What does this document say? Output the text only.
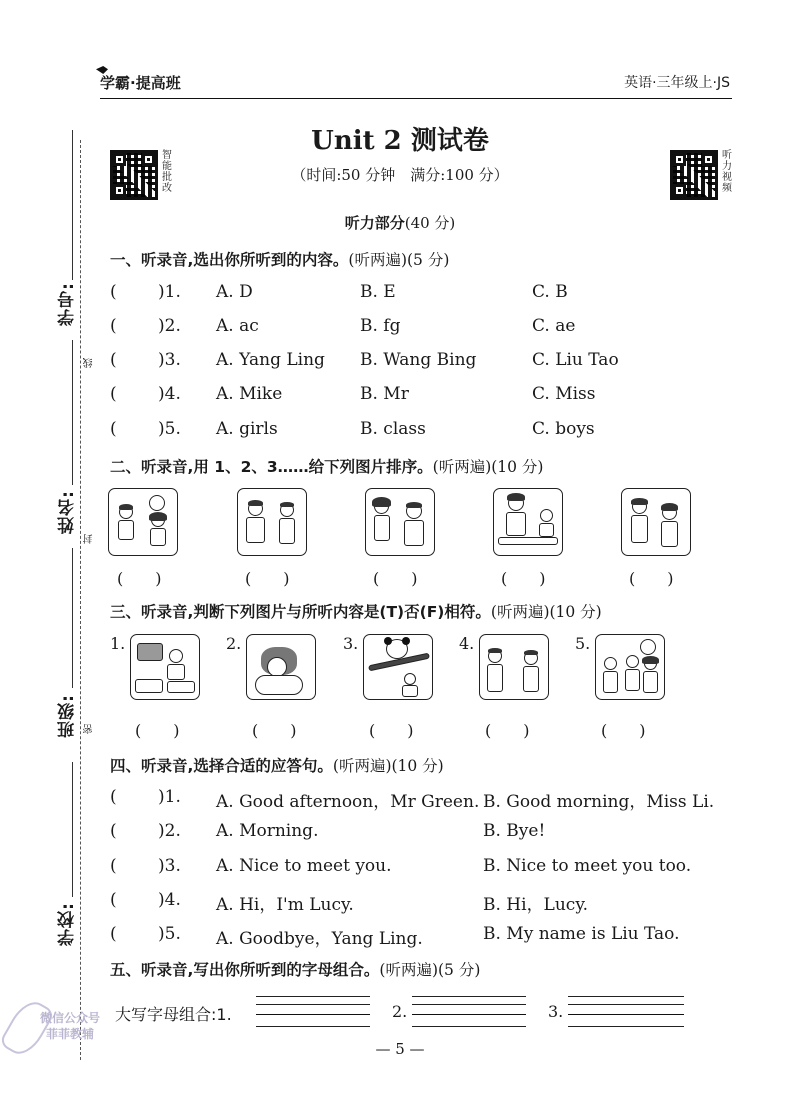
学号:
线
姓名:
封
班级: 密
学校:
学霸·提高班	英语·三年级上·JS
Unit 2 测试卷
（时间:50 分钟　满分:100 分）
智能批改
听力视频
听力部分(40 分)
一、听录音,选出你所听到的内容。(听两遍)(5 分)
( )1. A. D	B. E	C. B
( )2. A. ac	B. fg	C. ae
( )3. A. Yang Ling B. Wang Bing	C. Liu Tao
( )4. A. Mike	B. Mr	C. Miss
( )5. A. girls	B. class	C. boys
二、听录音,用 1、2、3……给下列图片排序。(听两遍)(10 分)
(　　)	(　　)	(　　)	(　　)	(　　)
三、听录音,判断下列图片与所听内容是(T)否(F)相符。(听两遍)(10 分)
1.	2.	3.	4.	5.
(　　)	(　　)	(　　)	(　　)	(　　)
四、听录音,选择合适的应答句。(听两遍)(10 分)
( )1. A. Good afternoon，Mr Green. B. Good morning，Miss Li.
( )2. A. Morning.	B. Bye!
( )3. A. Nice to meet you.	B. Nice to meet you too.
( )4. A. Hi，I'm Lucy.	B. Hi，Lucy.
( )5. A. Goodbye，Yang Ling.	B. My name is Liu Tao.
五、听录音,写出你所听到的字母组合。(听两遍)(5 分)
大写字母组合:1.	2.	3.
— 5 —
微信公众号
菲菲教辅
